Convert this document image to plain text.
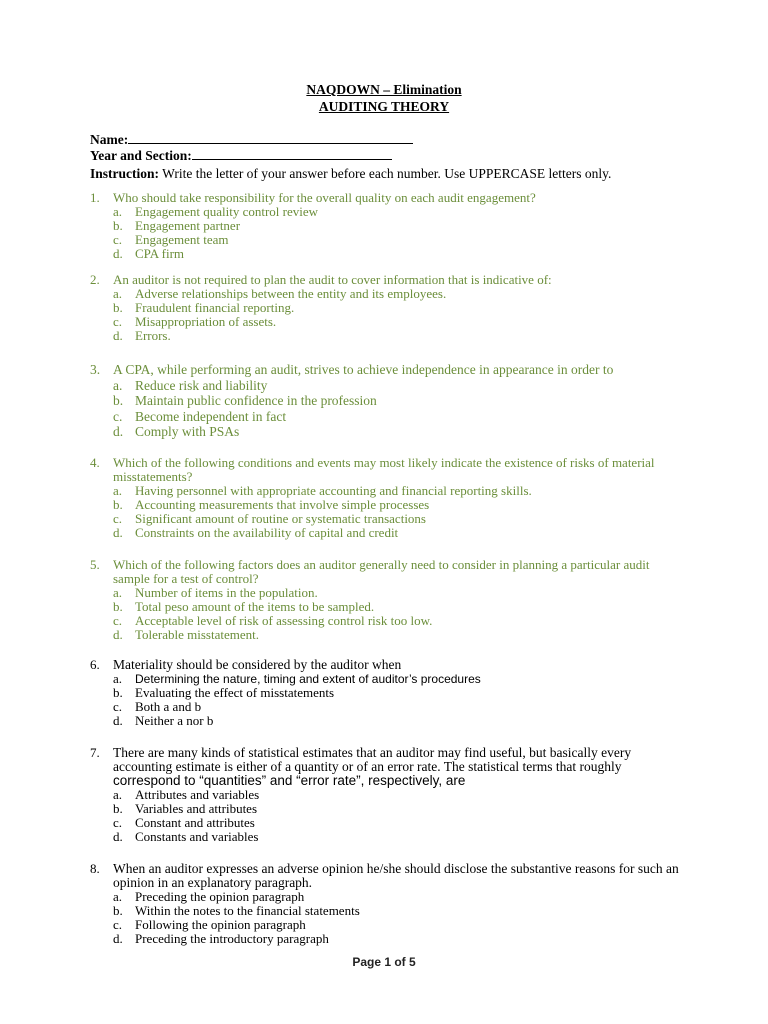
NAQDOWN – Elimination
AUDITING THEORY
Name:
Year and Section:
Instruction: Write the letter of your answer before each number. Use UPPERCASE letters only.
1. Who should take responsibility for the overall quality on each audit engagement?
a. Engagement quality control review
b. Engagement partner
c. Engagement team
d. CPA firm
2. An auditor is not required to plan the audit to cover information that is indicative of:
a. Adverse relationships between the entity and its employees.
b. Fraudulent financial reporting.
c. Misappropriation of assets.
d. Errors.
3. A CPA, while performing an audit, strives to achieve independence in appearance in order to
a. Reduce risk and liability
b. Maintain public confidence in the profession
c. Become independent in fact
d. Comply with PSAs
4. Which of the following conditions and events may most likely indicate the existence of risks of material misstatements?
a. Having personnel with appropriate accounting and financial reporting skills.
b. Accounting measurements that involve simple processes
c. Significant amount of routine or systematic transactions
d. Constraints on the availability of capital and credit
5. Which of the following factors does an auditor generally need to consider in planning a particular audit sample for a test of control?
a. Number of items in the population.
b. Total peso amount of the items to be sampled.
c. Acceptable level of risk of assessing control risk too low.
d. Tolerable misstatement.
6. Materiality should be considered by the auditor when
a. Determining the nature, timing and extent of auditor’s procedures
b. Evaluating the effect of misstatements
c. Both a and b
d. Neither a nor b
7. There are many kinds of statistical estimates that an auditor may find useful, but basically every accounting estimate is either of a quantity or of an error rate. The statistical terms that roughly
correspond to “quantities” and “error rate”, respectively, are
a. Attributes and variables
b. Variables and attributes
c. Constant and attributes
d. Constants and variables
8. When an auditor expresses an adverse opinion he/she should disclose the substantive reasons for such an opinion in an explanatory paragraph.
a. Preceding the opinion paragraph
b. Within the notes to the financial statements
c. Following the opinion paragraph
d. Preceding the introductory paragraph
Page 1 of 5
